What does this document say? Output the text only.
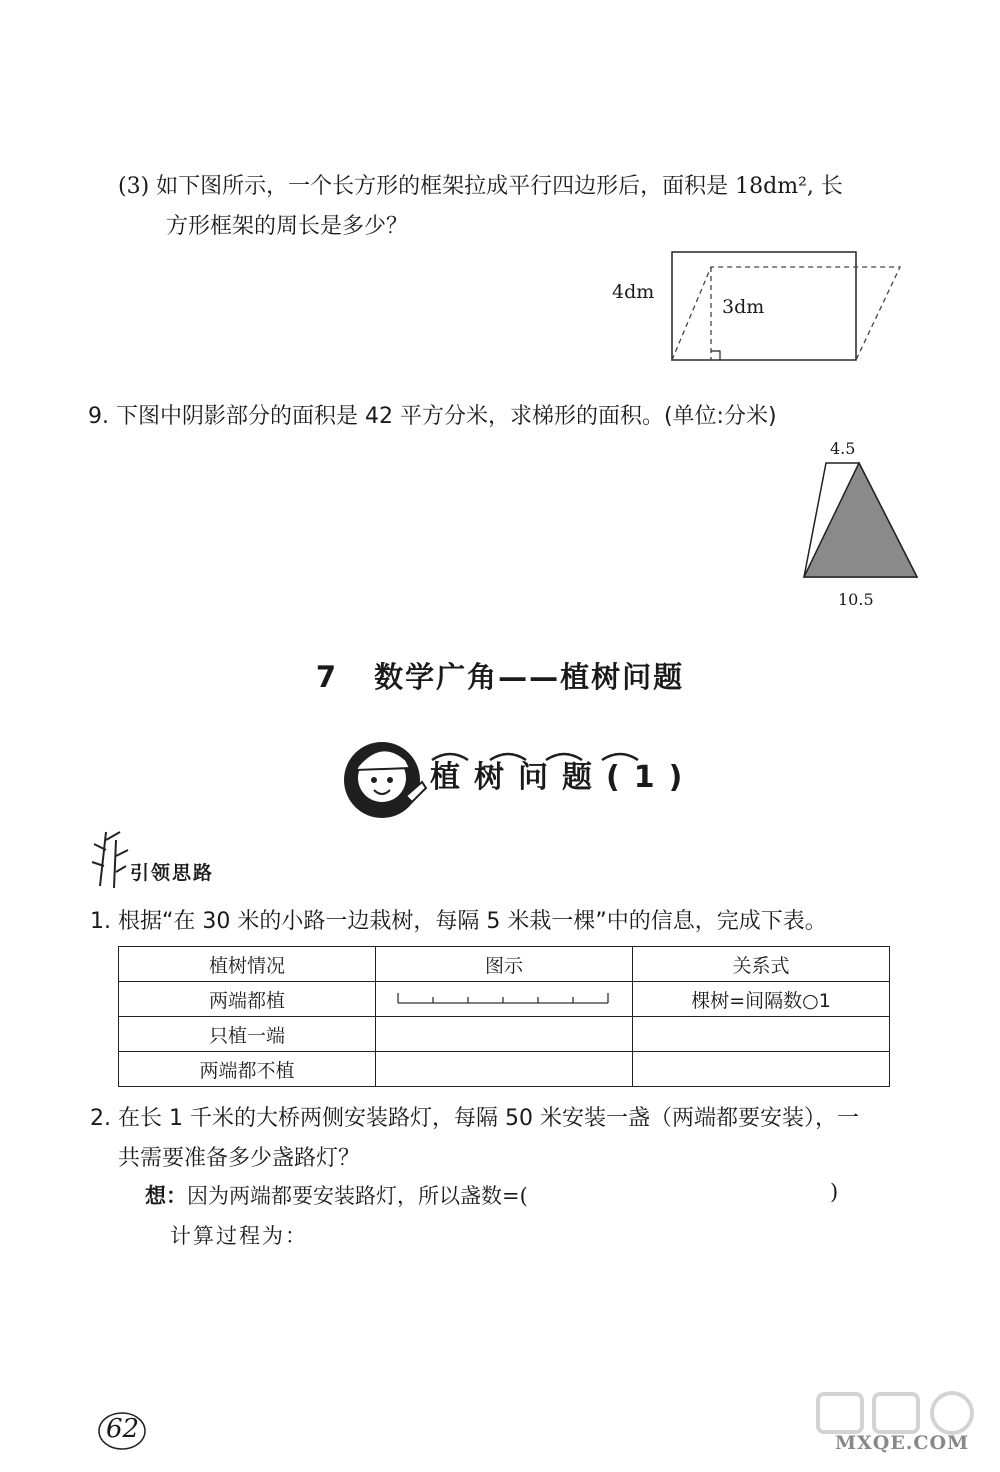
(3) 如下图所示，一个长方形的框架拉成平行四边形后，面积是 18dm², 长
方形框架的周长是多少？
4dm
3dm
9. 下图中阴影部分的面积是 42 平方分米，求梯形的面积。(单位:分米)
4.5
10.5
7 数学广角——植树问题
植树问题(1)
引领思路
1. 根据“在 30 米的小路一边栽树，每隔 5 米栽一棵”中的信息，完成下表。
植树情况	图示	关系式
两端都植		棵树=间隔数○1
只植一端		
两端都不植		
2. 在长 1 千米的大桥两侧安装路灯，每隔 50 米安装一盏（两端都要安装），一
共需要准备多少盏路灯？
想：因为两端都要安装路灯，所以盏数=(	)
计算过程为：
62	MXQE.COM
